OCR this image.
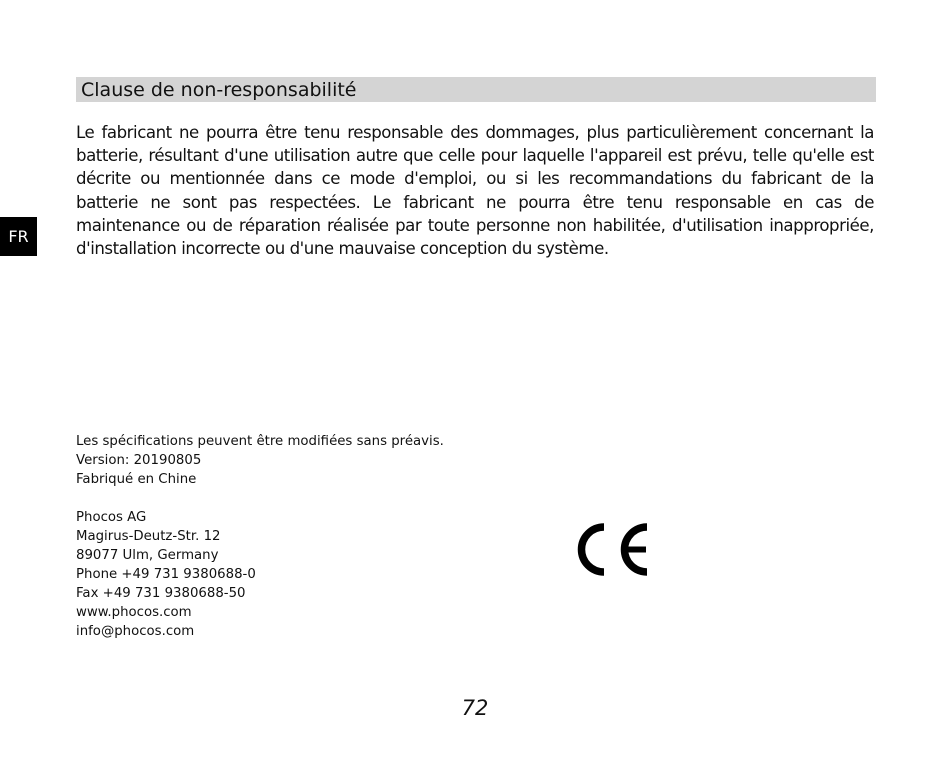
FR
Clause de non-responsabilité

Le fabricant ne pourra être tenu responsable des dommages, plus particulièrement concernant la batterie, résultant d'une utilisation autre que celle pour laquelle l'appareil est prévu, telle qu'elle est décrite ou mentionnée dans ce mode d'emploi, ou si les recommandations du fabricant de la batterie ne sont pas respectées. Le fabricant ne pourra être tenu responsable en cas de maintenance ou de réparation réalisée par toute personne non habilitée, d'utilisation inappropriée, d'installation incorrecte ou d'une mauvaise conception du système.

Les spécifications peuvent être modifiées sans préavis.
Version: 20190805
Fabriqué en Chine
Phocos AG
Magirus-Deutz-Str. 12
89077 Ulm, Germany
Phone +49 731 9380688-0
Fax +49 731 9380688-50
www.phocos.com
info@phocos.com
72
